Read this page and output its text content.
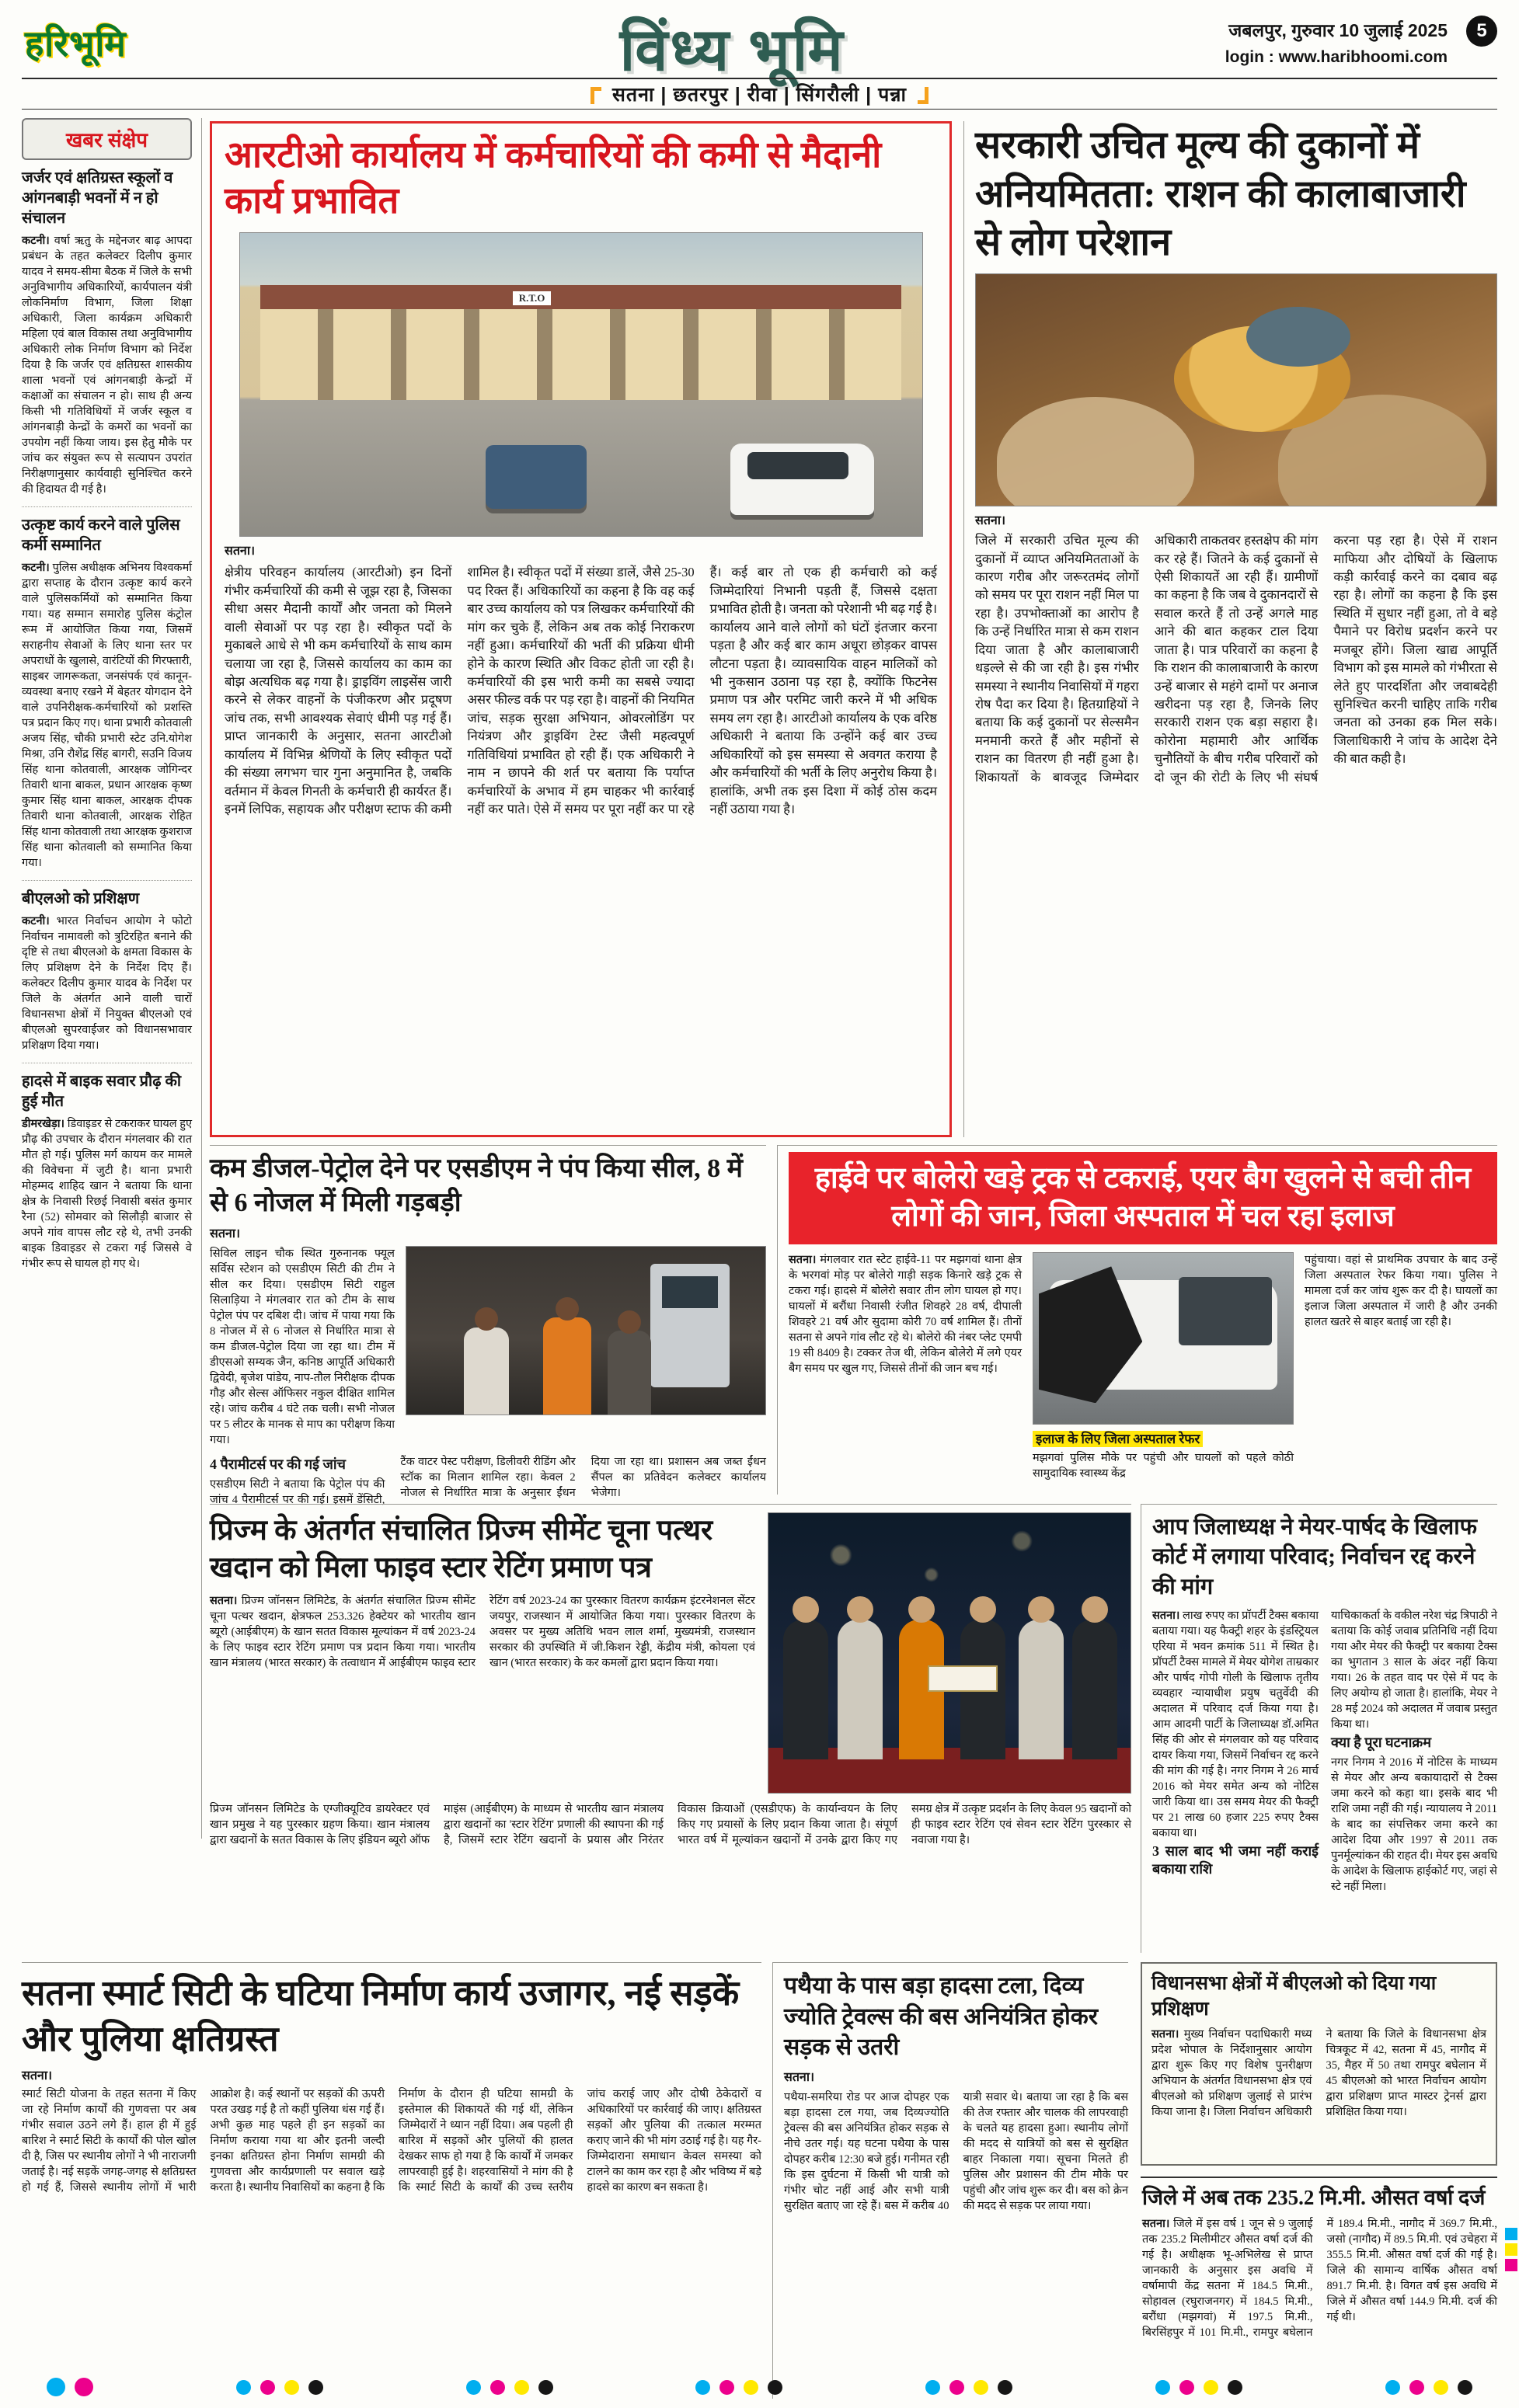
हरिभूमि	विंध्य भूमि	जबलपुर, गुरुवार 10 जुलाई 2025
login : www.haribhoomi.com
5
सतना | छतरपुर | रीवा | सिंगरौली | पन्ना
खबर संक्षेप
जर्जर एवं क्षतिग्रस्त स्कूलों व आंगनबाड़ी भवनों में न हो संचालन

कटनी। वर्षा ऋतु के मद्देनजर बाढ़ आपदा प्रबंधन के तहत कलेक्टर दिलीप कुमार यादव ने समय-सीमा बैठक में जिले के सभी अनुविभागीय अधिकारियों, कार्यपालन यंत्री लोकनिर्माण विभाग, जिला शिक्षा अधिकारी, जिला कार्यक्रम अधिकारी महिला एवं बाल विकास तथा अनुविभागीय अधिकारी लोक निर्माण विभाग को निर्देश दिया है कि जर्जर एवं क्षतिग्रस्त शासकीय शाला भवनों एवं आंगनबाड़ी केन्द्रों में कक्षाओं का संचालन न हो। साथ ही अन्य किसी भी गतिविधियों में जर्जर स्कूल व आंगनबाड़ी केन्द्रों के कमरों का भवनों का उपयोग नहीं किया जाय। इस हेतु मौके पर जांच कर संयुक्त रूप से सत्यापन उपरांत निरीक्षणानुसार कार्यवाही सुनिश्चित करने की हिदायत दी गई है।

उत्कृष्ट कार्य करने वाले पुलिस कर्मी सम्मानित

कटनी। पुलिस अधीक्षक अभिनय विश्वकर्मा द्वारा सप्ताह के दौरान उत्कृष्ट कार्य करने वाले पुलिसकर्मियों को सम्मानित किया गया। यह सम्मान समारोह पुलिस कंट्रोल रूम में आयोजित किया गया, जिसमें सराहनीय सेवाओं के लिए थाना स्तर पर अपराधों के खुलासे, वारंटियों की गिरफ्तारी, साइबर जागरूकता, जनसंपर्क एवं कानून-व्यवस्था बनाए रखने में बेहतर योगदान देने वाले उपनिरीक्षक-कर्मचारियों को प्रशस्ति पत्र प्रदान किए गए। थाना प्रभारी कोतवाली अजय सिंह, चौकी प्रभारी स्टेट उनि.योगेश मिश्रा, उनि रौशेंद्र सिंह बागरी, सउनि विजय सिंह थाना कोतवाली, आरक्षक जोगिन्दर तिवारी थाना बाकल, प्रधान आरक्षक कृष्ण कुमार सिंह थाना बाकल, आरक्षक दीपक तिवारी थाना कोतवाली, आरक्षक रोहित सिंह थाना कोतवाली तथा आरक्षक कुशराज सिंह थाना कोतवाली को सम्मानित किया गया।

बीएलओ को प्रशिक्षण

कटनी। भारत निर्वाचन आयोग ने फोटो निर्वाचन नामावली को त्रुटिरहित बनाने की दृष्टि से तथा बीएलओ के क्षमता विकास के लिए प्रशिक्षण देने के निर्देश दिए हैं। कलेक्टर दिलीप कुमार यादव के निर्देश पर जिले के अंतर्गत आने वाली चारों विधानसभा क्षेत्रों में नियुक्त बीएलओ एवं बीएलओ सुपरवाईजर को विधानसभावार प्रशिक्षण दिया गया।

हादसे में बाइक सवार प्रौढ़ की हुई मौत

डीमरखेड़ा। डिवाइडर से टकराकर घायल हुए प्रौढ़ की उपचार के दौरान मंगलवार की रात मौत हो गई। पुलिस मर्ग कायम कर मामले की विवेचना में जुटी है। थाना प्रभारी मोहम्मद शाहिद खान ने बताया कि थाना क्षेत्र के निवासी रिछई निवासी बसंत कुमार रैना (52) सोमवार को सिलौड़ी बाजार से अपने गांव वापस लौट रहे थे, तभी उनकी बाइक डिवाइडर से टकरा गई जिससे वे गंभीर रूप से घायल हो गए थे।

आरटीओ कार्यालय में कर्मचारियों की कमी से मैदानी कार्य प्रभावित
R.T.O
सतना।
क्षेत्रीय परिवहन कार्यालय (आरटीओ) इन दिनों गंभीर कर्मचारियों की कमी से जूझ रहा है, जिसका सीधा असर मैदानी कार्यों और जनता को मिलने वाली सेवाओं पर पड़ रहा है। स्वीकृत पदों के मुकाबले आधे से भी कम कर्मचारियों के साथ काम चलाया जा रहा है, जिससे कार्यालय का काम का बोझ अत्यधिक बढ़ गया है। ड्राइविंग लाइसेंस जारी करने से लेकर वाहनों के पंजीकरण और प्रदूषण जांच तक, सभी आवश्यक सेवाएं धीमी पड़ गई हैं। प्राप्त जानकारी के अनुसार, सतना आरटीओ कार्यालय में विभिन्न श्रेणियों के लिए स्वीकृत पदों की संख्या लगभग चार गुना अनुमानित है, जबकि वर्तमान में केवल गिनती के कर्मचारी ही कार्यरत हैं। इनमें लिपिक, सहायक और परीक्षण स्टाफ की कमी शामिल है। स्वीकृत पदों में संख्या डालें, जैसे 25-30 पद रिक्त हैं। अधिकारियों का कहना है कि वह कई बार उच्च कार्यालय को पत्र लिखकर कर्मचारियों की मांग कर चुके हैं, लेकिन अब तक कोई निराकरण नहीं हुआ। कर्मचारियों की भर्ती की प्रक्रिया धीमी होने के कारण स्थिति और विकट होती जा रही है। कर्मचारियों की इस भारी कमी का सबसे ज्यादा असर फील्ड वर्क पर पड़ रहा है। वाहनों की नियमित जांच, सड़क सुरक्षा अभियान, ओवरलोडिंग पर नियंत्रण और ड्राइविंग टेस्ट जैसी महत्वपूर्ण गतिविधियां प्रभावित हो रही हैं। एक अधिकारी ने नाम न छापने की शर्त पर बताया कि पर्याप्त कर्मचारियों के अभाव में हम चाहकर भी कार्रवाई नहीं कर पाते। ऐसे में समय पर पूरा नहीं कर पा रहे हैं। कई बार तो एक ही कर्मचारी को कई जिम्मेदारियां निभानी पड़ती हैं, जिससे दक्षता प्रभावित होती है। जनता को परेशानी भी बढ़ गई है। कार्यालय आने वाले लोगों को घंटों इंतजार करना पड़ता है और कई बार काम अधूरा छोड़कर वापस लौटना पड़ता है। व्यावसायिक वाहन मालिकों को भी नुकसान उठाना पड़ रहा है, क्योंकि फिटनेस प्रमाण पत्र और परमिट जारी करने में भी अधिक समय लग रहा है। आरटीओ कार्यालय के एक वरिष्ठ अधिकारी ने बताया कि उन्होंने कई बार उच्च अधिकारियों को इस समस्या से अवगत कराया है और कर्मचारियों की भर्ती के लिए अनुरोध किया है। हालांकि, अभी तक इस दिशा में कोई ठोस कदम नहीं उठाया गया है।
सरकारी उचित मूल्य की दुकानों में अनियमितता: राशन की कालाबाजारी से लोग परेशान
सतना।
जिले में सरकारी उचित मूल्य की दुकानों में व्याप्त अनियमितताओं के कारण गरीब और जरूरतमंद लोगों को समय पर पूरा राशन नहीं मिल पा रहा है। उपभोक्ताओं का आरोप है कि उन्हें निर्धारित मात्रा से कम राशन दिया जाता है और कालाबाजारी धड़ल्ले से की जा रही है। इस गंभीर समस्या ने स्थानीय निवासियों में गहरा रोष पैदा कर दिया है। हितग्राहियों ने बताया कि कई दुकानों पर सेल्समैन मनमानी करते हैं और महीनों से राशन का वितरण ही नहीं हुआ है। शिकायतों के बावजूद जिम्मेदार अधिकारी ताकतवर हस्तक्षेप की मांग कर रहे हैं। जितने के कई दुकानों से ऐसी शिकायतें आ रही हैं। ग्रामीणों का कहना है कि जब वे दुकानदारों से सवाल करते हैं तो उन्हें अगले माह आने की बात कहकर टाल दिया जाता है। पात्र परिवारों का कहना है कि राशन की कालाबाजारी के कारण उन्हें बाजार से महंगे दामों पर अनाज खरीदना पड़ रहा है, जिनके लिए सरकारी राशन एक बड़ा सहारा है। कोरोना महामारी और आर्थिक चुनौतियों के बीच गरीब परिवारों को दो जून की रोटी के लिए भी संघर्ष करना पड़ रहा है। ऐसे में राशन माफिया और दोषियों के खिलाफ कड़ी कार्रवाई करने का दबाव बढ़ रहा है। लोगों का कहना है कि इस स्थिति में सुधार नहीं हुआ, तो वे बड़े पैमाने पर विरोध प्रदर्शन करने पर मजबूर होंगे। जिला खाद्य आपूर्ति विभाग को इस मामले को गंभीरता से लेते हुए पारदर्शिता और जवाबदेही सुनिश्चित करनी चाहिए ताकि गरीब जनता को उनका हक मिल सके। जिलाधिकारी ने जांच के आदेश देने की बात कही है।
कम डीजल-पेट्रोल देने पर एसडीएम ने पंप किया सील, 8 में से 6 नोजल में मिली गड़बड़ी
सतना।
सिविल लाइन चौक स्थित गुरुनानक फ्यूल सर्विस स्टेशन को एसडीएम सिटी की टीम ने सील कर दिया। एसडीएम सिटी राहुल सिलाड़िया ने मंगलवार रात को टीम के साथ पेट्रोल पंप पर दबिश दी। जांच में पाया गया कि 8 नोजल में से 6 नोजल से निर्धारित मात्रा से कम डीजल-पेट्रोल दिया जा रहा था। टीम में डीएसओ सम्यक जैन, कनिष्ठ आपूर्ति अधिकारी द्विवेदी, बृजेश पांडेय, नाप-तौल निरीक्षक दीपक गौड़ और सेल्स ऑफिसर नकुल दीक्षित शामिल रहे। जांच करीब 4 घंटे तक चली। सभी नोजल पर 5 लीटर के मानक से माप का परीक्षण किया गया।
4 पैरामीटर्स पर की गई जांच

एसडीएम सिटी ने बताया कि पेट्रोल पंप की जांच 4 पैरामीटर्स पर की गई। इसमें डेंसिटी, टैंक वाटर पेस्ट परीक्षण, डिलीवरी रीडिंग और स्टॉक का मिलान शामिल रहा। केवल 2 नोजल से निर्धारित मात्रा के अनुसार ईंधन दिया जा रहा था। प्रशासन अब जब्त ईंधन सैंपल का प्रतिवेदन कलेक्टर कार्यालय भेजेगा।

हाईवे पर बोलेरो खड़े ट्रक से टकराई, एयर बैग खुलने से बची तीन लोगों की जान, जिला अस्पताल में चल रहा इलाज
सतना। मंगलवार रात स्टेट हाईवे-11 पर मझगवां थाना क्षेत्र के भरगवां मोड़ पर बोलेरो गाड़ी सड़क किनारे खड़े ट्रक से टकरा गई। हादसे में बोलेरो सवार तीन लोग घायल हो गए। घायलों में बरौंधा निवासी रंजीत शिवहरे 28 वर्ष, दीपाली शिवहरे 21 वर्ष और सुदामा कोरी 70 वर्ष शामिल हैं। तीनों सतना से अपने गांव लौट रहे थे। बोलेरो की नंबर प्लेट एमपी 19 सी 8409 है। टक्कर तेज थी, लेकिन बोलेरो में लगे एयर बैग समय पर खुल गए, जिससे तीनों की जान बच गई।
इलाज के लिए जिला अस्पताल रेफर

मझगवां पुलिस मौके पर पहुंची और घायलों को पहले कोठी सामुदायिक स्वास्थ्य केंद्र

पहुंचाया। वहां से प्राथमिक उपचार के बाद उन्हें जिला अस्पताल रेफर किया गया। पुलिस ने मामला दर्ज कर जांच शुरू कर दी है। घायलों का इलाज जिला अस्पताल में जारी है और उनकी हालत खतरे से बाहर बताई जा रही है।
प्रिज्म के अंतर्गत संचालित प्रिज्म सीमेंट चूना पत्थर खदान को मिला फाइव स्टार रेटिंग प्रमाण पत्र
सतना। प्रिज्म जॉनसन लिमिटेड, के अंतर्गत संचालित प्रिज्म सीमेंट चूना पत्थर खदान, क्षेत्रफल 253.326 हेक्टेयर को भारतीय खान ब्यूरो (आईबीएम) के खान सतत विकास मूल्यांकन में वर्ष 2023-24 के लिए फाइव स्टार रेटिंग प्रमाण पत्र प्रदान किया गया। भारतीय खान मंत्रालय (भारत सरकार) के तत्वाधान में आईबीएम फाइव स्टार रेटिंग वर्ष 2023-24 का पुरस्कार वितरण कार्यक्रम इंटरनेशनल सेंटर जयपुर, राजस्थान में आयोजित किया गया। पुरस्कार वितरण के अवसर पर मुख्य अतिथि भवन लाल शर्मा, मुख्यमंत्री, राजस्थान सरकार की उपस्थिति में जी.किशन रेड्डी, केंद्रीय मंत्री, कोयला एवं खान (भारत सरकार) के कर कमलों द्वारा प्रदान किया गया।
प्रिज्म जॉनसन लिमिटेड के एग्जीक्यूटिव डायरेक्टर एवं खान प्रमुख ने यह पुरस्कार ग्रहण किया। खान मंत्रालय द्वारा खदानों के सतत विकास के लिए इंडियन ब्यूरो ऑफ माइंस (आईबीएम) के माध्यम से भारतीय खान मंत्रालय द्वारा खदानों का 'स्टार रेटिंग' प्रणाली की स्थापना की गई है, जिसमें स्टार रेटिंग खदानों के प्रयास और निरंतर विकास क्रियाओं (एसडीएफ) के कार्यान्वयन के लिए किए गए प्रयासों के लिए प्रदान किया जाता है। संपूर्ण भारत वर्ष में मूल्यांकन खदानों में उनके द्वारा किए गए समग्र क्षेत्र में उत्कृष्ट प्रदर्शन के लिए केवल 95 खदानों को ही फाइव स्टार रेटिंग एवं सेवन स्टार रेटिंग पुरस्कार से नवाजा गया है।
आप जिलाध्यक्ष ने मेयर-पार्षद के खिलाफ कोर्ट में लगाया परिवाद; निर्वाचन रद्द करने की मांग

सतना। लाख रुपए का प्रॉपर्टी टैक्स बकाया बताया गया। यह फैक्ट्री शहर के इंडस्ट्रियल एरिया में भवन क्रमांक 511 में स्थित है। प्रॉपर्टी टैक्स मामले में मेयर योगेश ताम्रकार और पार्षद गोपी गोली के खिलाफ तृतीय व्यवहार न्यायाधीश प्रयुष चतुर्वेदी की अदालत में परिवाद दर्ज किया गया है। आम आदमी पार्टी के जिलाध्यक्ष डॉ.अमित सिंह की ओर से मंगलवार को यह परिवाद दायर किया गया, जिसमें निर्वाचन रद्द करने की मांग की गई है। नगर निगम ने 26 मार्च 2016 को मेयर समेत अन्य को नोटिस जारी किया था। उस समय मेयर की फैक्ट्री पर 21 लाख 60 हजार 225 रुपए टैक्स बकाया था।

3 साल बाद भी जमा नहीं कराई बकाया राशि

याचिकाकर्ता के वकील नरेश चंद्र त्रिपाठी ने बताया कि कोई जवाब प्रतिनिधि नहीं दिया गया और मेयर की फैक्ट्री पर बकाया टैक्स का भुगतान 3 साल के अंदर नहीं किया गया। 26 के तहत वाद पर ऐसे में पद के लिए अयोग्य हो जाता है। हालांकि, मेयर ने 28 मई 2024 को अदालत में जवाब प्रस्तुत किया था।

क्या है पूरा घटनाक्रम

नगर निगम ने 2016 में नोटिस के माध्यम से मेयर और अन्य बकायादारों से टैक्स जमा करने को कहा था। इसके बाद भी राशि जमा नहीं की गई। न्यायालय ने 2011 के बाद का संपत्तिकर जमा करने का आदेश दिया और 1997 से 2011 तक पुनर्मूल्यांकन की राहत दी। मेयर इस अवधि के आदेश के खिलाफ हाईकोर्ट गए, जहां से स्टे नहीं मिला।

सतना स्मार्ट सिटी के घटिया निर्माण कार्य उजागर, नई सड़कें और पुलिया क्षतिग्रस्त
सतना।
स्मार्ट सिटी योजना के तहत सतना में किए जा रहे निर्माण कार्यों की गुणवत्ता पर अब गंभीर सवाल उठने लगे हैं। हाल ही में हुई बारिश ने स्मार्ट सिटी के कार्यों की पोल खोल दी है, जिस पर स्थानीय लोगों ने भी नाराजगी जताई है। नई सड़कें जगह-जगह से क्षतिग्रस्त हो गई हैं, जिससे स्थानीय लोगों में भारी आक्रोश है। कई स्थानों पर सड़कों की ऊपरी परत उखड़ गई है तो कहीं पुलिया धंस गई हैं। अभी कुछ माह पहले ही इन सड़कों का निर्माण कराया गया था और इतनी जल्दी इनका क्षतिग्रस्त होना निर्माण सामग्री की गुणवत्ता और कार्यप्रणाली पर सवाल खड़े करता है। स्थानीय निवासियों का कहना है कि निर्माण के दौरान ही घटिया सामग्री के इस्तेमाल की शिकायतें की गई थीं, लेकिन जिम्मेदारों ने ध्यान नहीं दिया। अब पहली ही बारिश में सड़कों और पुलियों की हालत देखकर साफ हो गया है कि कार्यों में जमकर लापरवाही हुई है। शहरवासियों ने मांग की है कि स्मार्ट सिटी के कार्यों की उच्च स्तरीय जांच कराई जाए और दोषी ठेकेदारों व अधिकारियों पर कार्रवाई की जाए। क्षतिग्रस्त सड़कों और पुलिया की तत्काल मरम्मत कराए जाने की भी मांग उठाई गई है। यह गैर-जिम्मेदाराना समाधान केवल समस्या को टालने का काम कर रहा है और भविष्य में बड़े हादसे का कारण बन सकता है।
पथैया के पास बड़ा हादसा टला, दिव्य ज्योति ट्रेवल्स की बस अनियंत्रित होकर सड़क से उतरी
सतना।
पथैया-समरिया रोड पर आज दोपहर एक बड़ा हादसा टल गया, जब दिव्यज्योति ट्रेवल्स की बस अनियंत्रित होकर सड़क से नीचे उतर गई। यह घटना पथैया के पास दोपहर करीब 12:30 बजे हुई। गनीमत रही कि इस दुर्घटना में किसी भी यात्री को गंभीर चोट नहीं आई और सभी यात्री सुरक्षित बताए जा रहे हैं। बस में करीब 40 यात्री सवार थे। बताया जा रहा है कि बस की तेज रफ्तार और चालक की लापरवाही के चलते यह हादसा हुआ। स्थानीय लोगों की मदद से यात्रियों को बस से सुरक्षित बाहर निकाला गया। सूचना मिलते ही पुलिस और प्रशासन की टीम मौके पर पहुंची और जांच शुरू कर दी। बस को क्रेन की मदद से सड़क पर लाया गया।
विधानसभा क्षेत्रों में बीएलओ को दिया गया प्रशिक्षण
सतना। मुख्य निर्वाचन पदाधिकारी मध्य प्रदेश भोपाल के निर्देशानुसार आयोग द्वारा शुरू किए गए विशेष पुनरीक्षण अभियान के अंतर्गत विधानसभा क्षेत्र एवं बीएलओ को प्रशिक्षण जुलाई से प्रारंभ किया जाना है। जिला निर्वाचन अधिकारी ने बताया कि जिले के विधानसभा क्षेत्र चित्रकूट में 42, सतना में 45, नागौद में 35, मैहर में 50 तथा रामपुर बघेलान में 45 बीएलओ को भारत निर्वाचन आयोग द्वारा प्रशिक्षण प्राप्त मास्टर ट्रेनर्स द्वारा प्रशिक्षित किया गया।
जिले में अब तक 235.2 मि.मी. औसत वर्षा दर्ज
सतना। जिले में इस वर्ष 1 जून से 9 जुलाई तक 235.2 मिलीमीटर औसत वर्षा दर्ज की गई है। अधीक्षक भू-अभिलेख से प्राप्त जानकारी के अनुसार इस अवधि में वर्षामापी केंद्र सतना में 184.5 मि.मी., सोहावल (रघुराजनगर) में 184.5 मि.मी., बरौंधा (मझगवां) में 197.5 मि.मी., बिरसिंहपुर में 101 मि.मी., रामपुर बघेलान में 189.4 मि.मी., नागौद में 369.7 मि.मी., जसो (नागौद) में 89.5 मि.मी. एवं उचेहरा में 355.5 मि.मी. औसत वर्षा दर्ज की गई है। जिले की सामान्य वार्षिक औसत वर्षा 891.7 मि.मी. है। विगत वर्ष इस अवधि में जिले में औसत वर्षा 144.9 मि.मी. दर्ज की गई थी।
